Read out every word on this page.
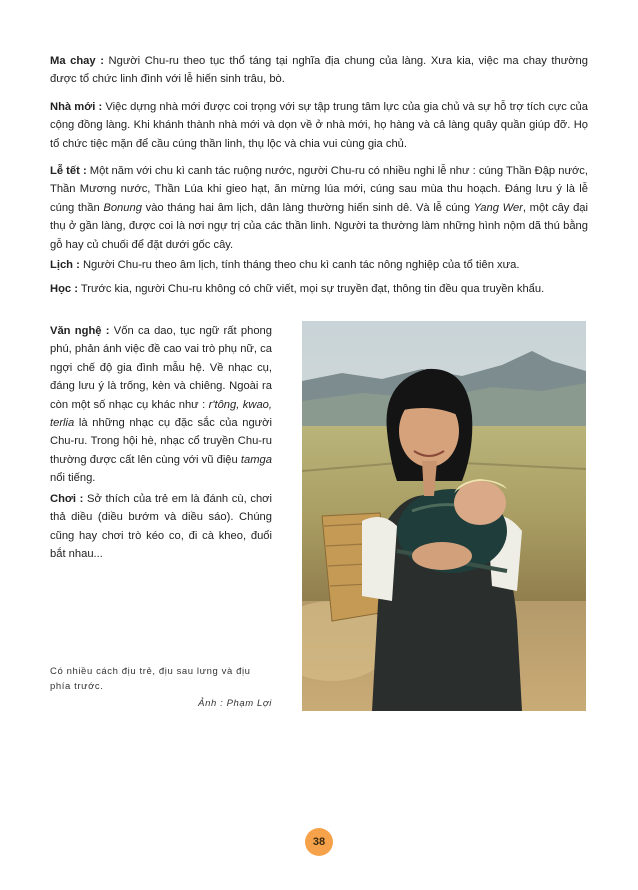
Ma chay : Người Chu-ru theo tục thổ táng tại nghĩa địa chung của làng. Xưa kia, việc ma chay thường được tổ chức linh đình với lễ hiến sinh trâu, bò.

Nhà mới : Việc dựng nhà mới được coi trọng với sự tập trung tâm lực của gia chủ và sự hỗ trợ tích cực của cộng đồng làng. Khi khánh thành nhà mới và dọn về ở nhà mới, họ hàng và cả làng quây quần giúp đỡ. Họ tổ chức tiệc mặn để cầu cúng thần linh, thụ lộc và chia vui cùng gia chủ.

Lễ tết : Một năm với chu kì canh tác ruộng nước, người Chu-ru có nhiều nghi lễ như : cúng Thần Đập nước, Thần Mương nước, Thần Lúa khi gieo hạt, ăn mừng lúa mới, cúng sau mùa thu hoạch. Đáng lưu ý là lễ cúng thần Bonung vào tháng hai âm lịch, dân làng thường hiến sinh dê. Và lễ cúng Yang Wer, một cây đại thụ ở gần làng, được coi là nơi ngự trị của các thần linh. Người ta thường làm những hình nộm dã thú bằng gỗ hay củ chuối để đặt dưới gốc cây.

Lịch : Người Chu-ru theo âm lịch, tính tháng theo chu kì canh tác nông nghiệp của tổ tiên xưa.

Học : Trước kia, người Chu-ru không có chữ viết, mọi sự truyền đạt, thông tin đều qua truyền khẩu.

Văn nghệ : Vốn ca dao, tục ngữ rất phong phú, phản ánh việc đề cao vai trò phụ nữ, ca ngợi chế độ gia đình mẫu hệ. Về nhạc cụ, đáng lưu ý là trống, kèn và chiêng. Ngoài ra còn một số nhạc cụ khác như : r'tông, kwao, terlia là những nhạc cụ đặc sắc của người Chu-ru. Trong hội hè, nhạc cổ truyền Chu-ru thường được cất lên cùng với vũ điệu tamga nổi tiếng.

Chơi : Sở thích của trẻ em là đánh cù, chơi thả diều (diều bướm và diều sáo). Chúng cũng hay chơi trò kéo co, đi cà kheo, đuổi bắt nhau...

Có nhiều cách địu trẻ, địu sau lưng và địu phía trước.

Ảnh : Phạm Lợi

38
